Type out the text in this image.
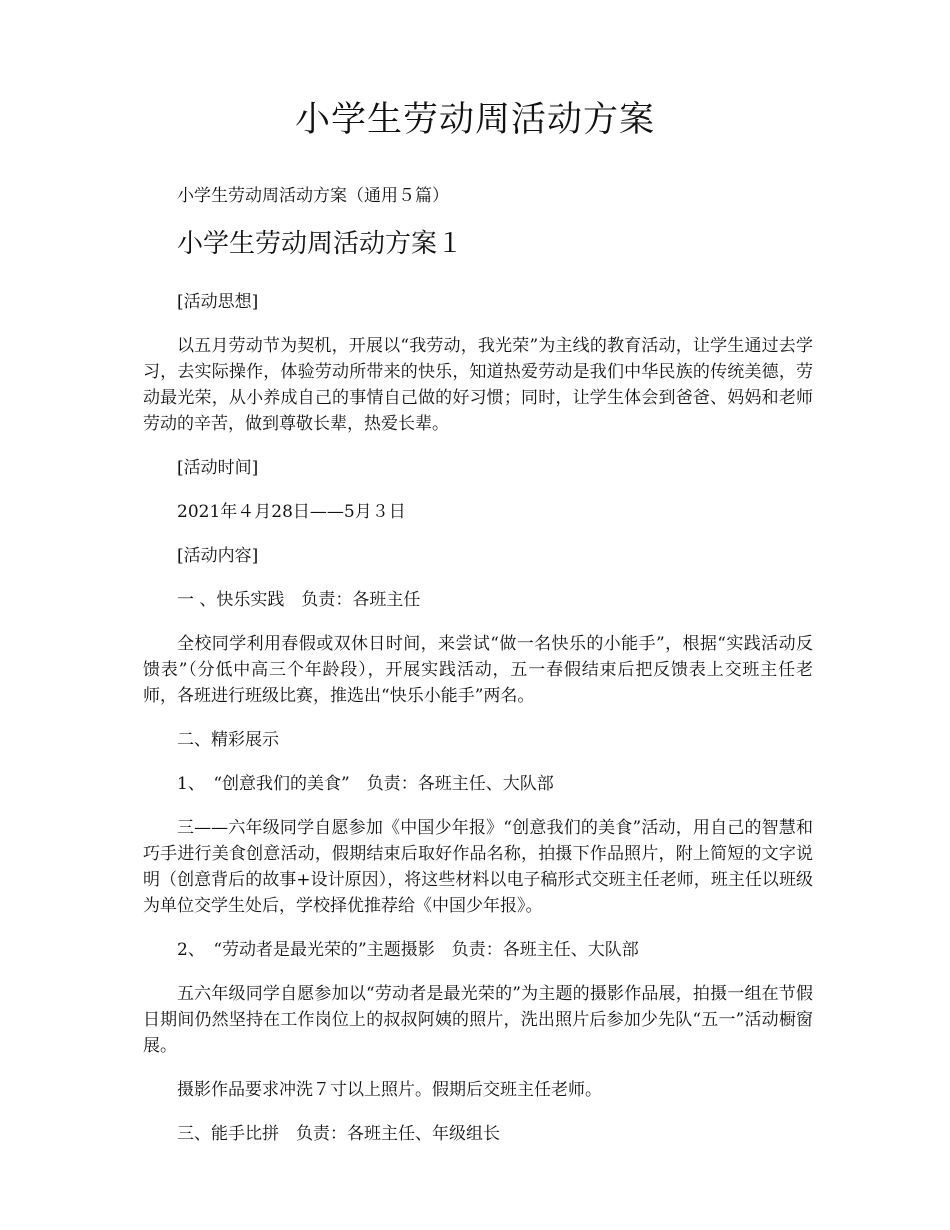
小学生劳动周活动方案
小学生劳动周活动方案（通用５篇）
小学生劳动周活动方案１
[活动思想]
以五月劳动节为契机，开展以“我劳动，我光荣”为主线的教育活动，让学生通过去学习，去实际操作，体验劳动所带来的快乐，知道热爱劳动是我们中华民族的传统美德，劳动最光荣，从小养成自己的事情自己做的好习惯；同时，让学生体会到爸爸、妈妈和老师劳动的辛苦，做到尊敬长辈，热爱长辈。
[活动时间]
2021年４月28日——5月３日
[活动内容]
一 、快乐实践　负责：各班主任
全校同学利用春假或双休日时间，来尝试“做一名快乐的小能手”，根据“实践活动反馈表”（分低中高三个年龄段），开展实践活动，五一春假结束后把反馈表上交班主任老师，各班进行班级比赛，推选出“快乐小能手”两名。
二、精彩展示
1、　“创意我们的美食”　负责：各班主任、大队部
三——六年级同学自愿参加《中国少年报》“创意我们的美食”活动，用自己的智慧和巧手进行美食创意活动，假期结束后取好作品名称，拍摄下作品照片，附上简短的文字说明（创意背后的故事+设计原因），将这些材料以电子稿形式交班主任老师，班主任以班级为单位交学生处后，学校择优推荐给《中国少年报》。
2、　“劳动者是最光荣的”主题摄影　负责：各班主任、大队部
五六年级同学自愿参加以“劳动者是最光荣的”为主题的摄影作品展，拍摄一组在节假日期间仍然坚持在工作岗位上的叔叔阿姨的照片，洗出照片后参加少先队“五一”活动橱窗展。
摄影作品要求冲洗７寸以上照片。假期后交班主任老师。
三、能手比拼　负责：各班主任、年级组长
